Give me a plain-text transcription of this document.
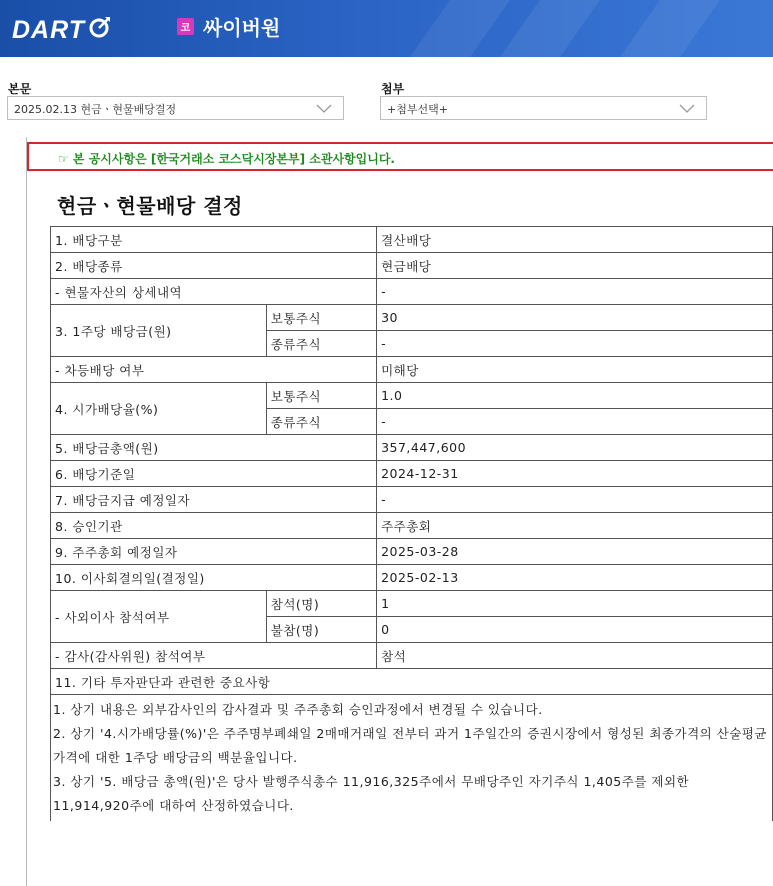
DART	코 싸이버원
본문
2025.02.13 현금ㆍ현물배당결정
첨부
+첨부선택+
☞ 본 공시사항은 [한국거래소 코스닥시장본부] 소관사항입니다.
현금ㆍ현물배당 결정
1. 배당구분		결산배당
2. 배당종류		현금배당
- 현물자산의 상세내역		-
3. 1주당 배당금(원)	보통주식	30
	종류주식	-
- 차등배당 여부		미해당
4. 시가배당율(%)	보통주식	1.0
	종류주식	-
5. 배당금총액(원)		357,447,600
6. 배당기준일		2024-12-31
7. 배당금지급 예정일자		-
8. 승인기관		주주총회
9. 주주총회 예정일자		2025-03-28
10. 이사회결의일(결정일)		2025-02-13
- 사외이사 참석여부	참석(명)	1
	불참(명)	0
- 감사(감사위원) 참석여부		참석
11. 기타 투자판단과 관련한 중요사항		

1. 상기 내용은 외부감사인의 감사결과 및 주주총회 승인과정에서 변경될 수 있습니다.
2. 상기 '4.시가배당률(%)'은 주주명부폐쇄일 2매매거래일 전부터 과거 1주일간의 증권시장에서 형성된 최종가격의 산술평균가격에 대한 1주당 배당금의 백분율입니다.
3. 상기 '5. 배당금 총액(원)'은 당사 발행주식총수 11,916,325주에서 무배당주인 자기주식 1,405주를 제외한 11,914,920주에 대하여 산정하였습니다.		
